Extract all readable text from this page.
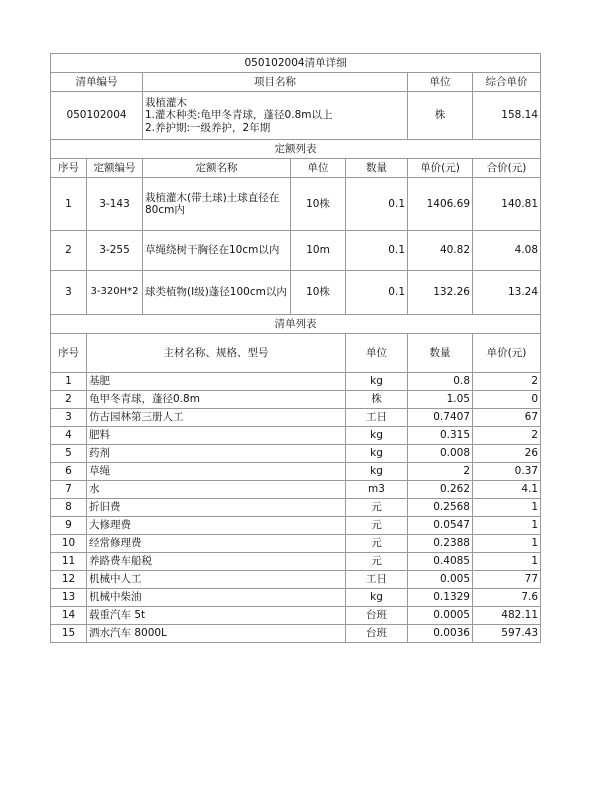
050102004清单详细							
清单编号		项目名称			单位	综合单价	
050102004		栽植灌木
1.灌木种类:龟甲冬青球，蓬径0.8m以上
2.养护期:一级养护，2年期			株	158.14	
定额列表							
序号	定额编号	定额名称	单位	数量	单价(元)	合价(元)	
1	3-143	栽植灌木(带土球)土球直径在80cm内	10株	0.1	1406.69	140.81	
2	3-255	草绳绕树干胸径在10cm以内	10m	0.1	40.82	4.08	
3	3-320H*2	球类植物(Ⅰ级)蓬径100cm以内	10株	0.1	132.26	13.24	
清单列表							
序号	主材名称、规格、型号			单位	数量	单价(元)	
1	基肥			kg	0.8	2	
2	龟甲冬青球，蓬径0.8m			株	1.05	0	
3	仿古园林第三册人工			工日	0.7407	67	
4	肥料			kg	0.315	2	
5	药剂			kg	0.008	26	
6	草绳			kg	2	0.37	
7	水			m3	0.262	4.1	
8	折旧费			元	0.2568	1	
9	大修理费			元	0.0547	1	
10	经常修理费			元	0.2388	1	
11	养路费车船税			元	0.4085	1	
12	机械中人工			工日	0.005	77	
13	机械中柴油			kg	0.1329	7.6	
14	载重汽车 5t			台班	0.0005	482.11	
15	洒水汽车 8000L			台班	0.0036	597.43	
